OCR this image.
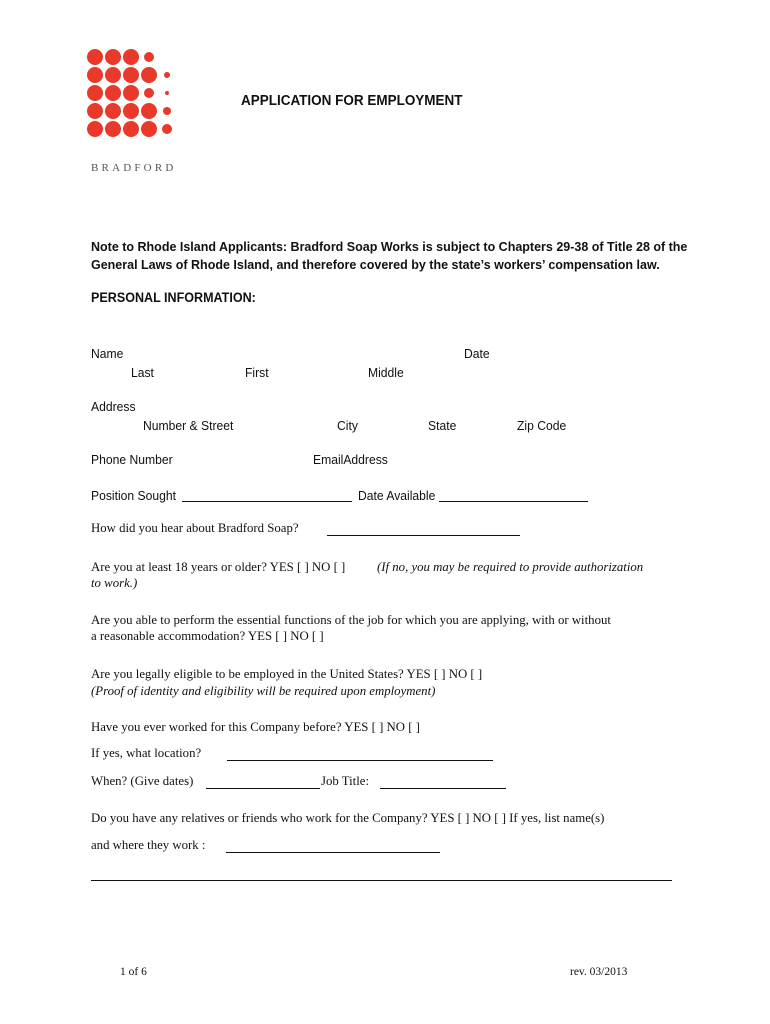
BRADFORD
APPLICATION FOR EMPLOYMENT
Note to Rhode Island Applicants: Bradford Soap Works is subject to Chapters 29-38 of Title 28 of the General Laws of Rhode Island, and therefore covered by the state’s workers’ compensation law.
PERSONAL INFORMATION:
Name	Date
Last	First	Middle
Address
Number & Street	City	State	Zip Code
Phone Number	EmailAddress
Position Sought	Date Available
How did you hear about Bradford Soap?
Are you at least 18 years or older? YES [ ] NO [ ] (If no, you may be required to provide authorization
to work.)
Are you able to perform the essential functions of the job for which you are applying, with or without
a reasonable accommodation? YES [ ] NO [ ]
Are you legally eligible to be employed in the United States? YES [ ] NO [ ]
(Proof of identity and eligibility will be required upon employment)
Have you ever worked for this Company before? YES [ ] NO [ ]
If yes, what location?
When? (Give dates)	Job Title:
Do you have any relatives or friends who work for the Company? YES [ ] NO [ ] If yes, list name(s)
and where they work :
1 of 6	rev. 03/2013
